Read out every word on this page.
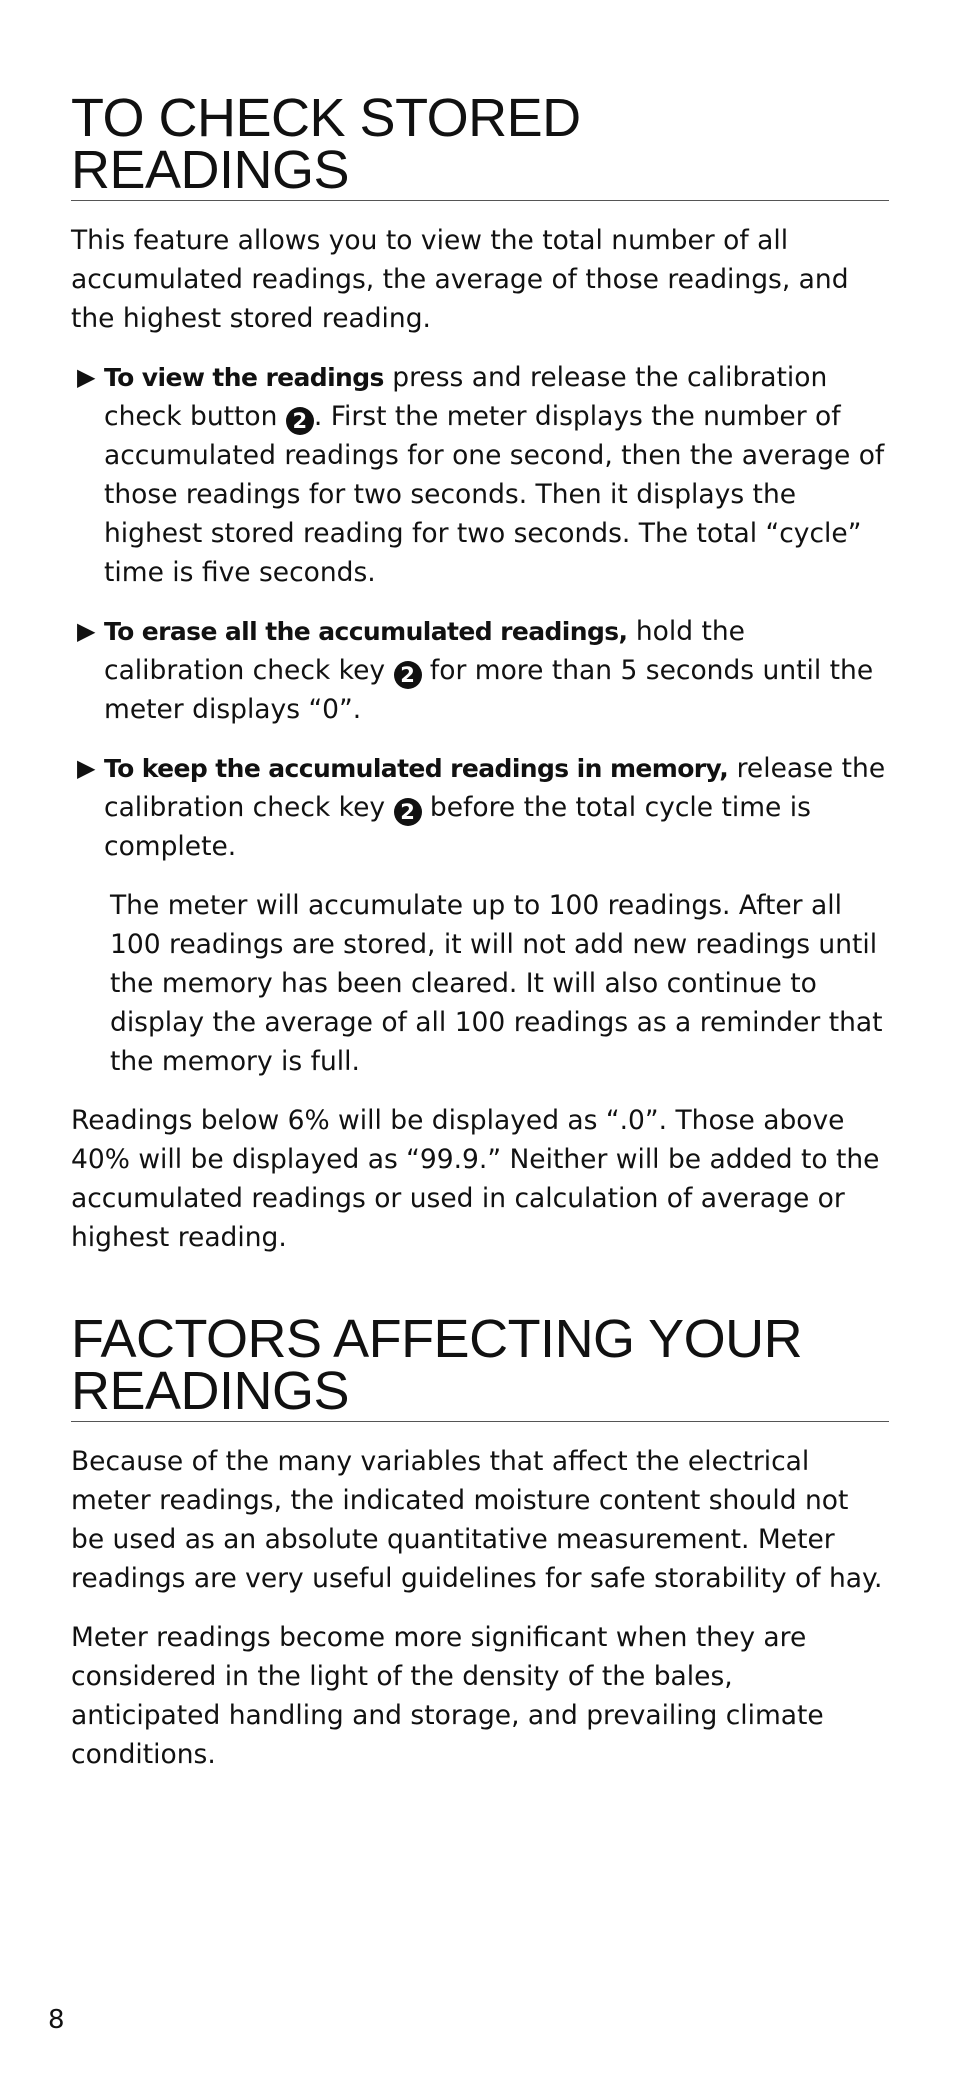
TO CHECK STORED
READINGS

This feature allows you to view the total number of all accumulated readings, the average of those readings, and the highest stored reading.

▶ To view the readings press and release the calibration check button 2 . First the meter displays the number of accumulated readings for one second, then the average of those readings for two seconds. Then it displays the highest stored reading for two seconds. The total “cycle” time is five seconds.
▶ To erase all the accumulated readings, hold the calibration check key 2 for more than 5 seconds until the meter displays “0”.
▶ To keep the accumulated readings in memory, release the calibration check key 2 before the total cycle time is complete.

The meter will accumulate up to 100 readings. After all 100 readings are stored, it will not add new readings until the memory has been cleared. It will also continue to display the average of all 100 readings as a reminder that the memory is full.

Readings below 6% will be displayed as “.0”. Those above 40% will be displayed as “99.9.” Neither will be added to the accumulated readings or used in calculation of average or highest reading.

FACTORS AFFECTING YOUR
READINGS

Because of the many variables that affect the electrical meter readings, the indicated moisture content should not be used as an absolute quantitative measurement. Meter readings are very useful guidelines for safe storability of hay.

Meter readings become more significant when they are considered in the light of the density of the bales, anticipated handling and storage, and prevailing climate conditions.

8
